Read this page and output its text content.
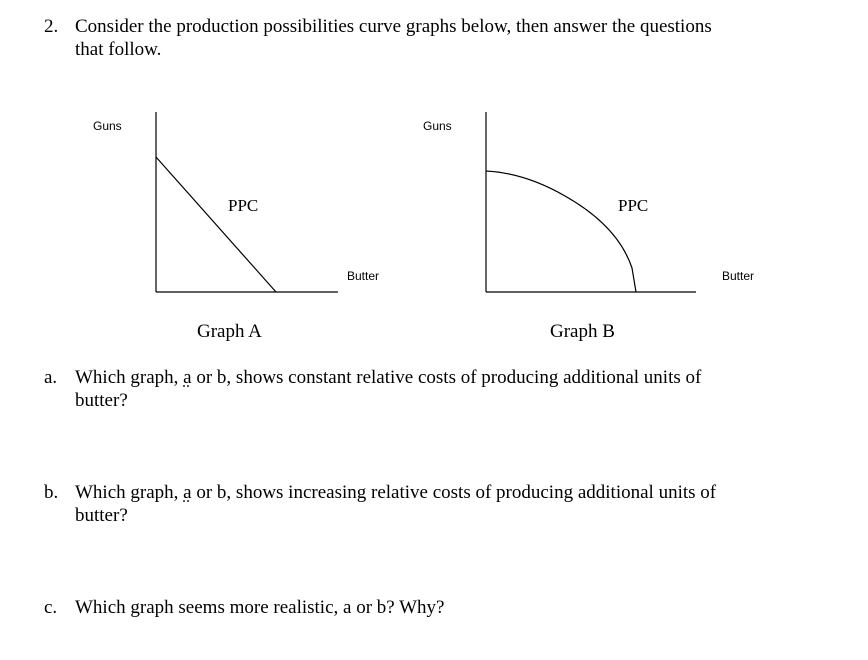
2. Consider the production possibilities curve graphs below, then answer the questions
that follow.
Guns
PPC
Butter
Graph A
Guns
PPC
Butter
Graph B
a. Which graph, a or b, shows constant relative costs of producing additional units of
butter?
b. Which graph, a or b, shows increasing relative costs of producing additional units of
butter?
c. Which graph seems more realistic, a or b? Why?
